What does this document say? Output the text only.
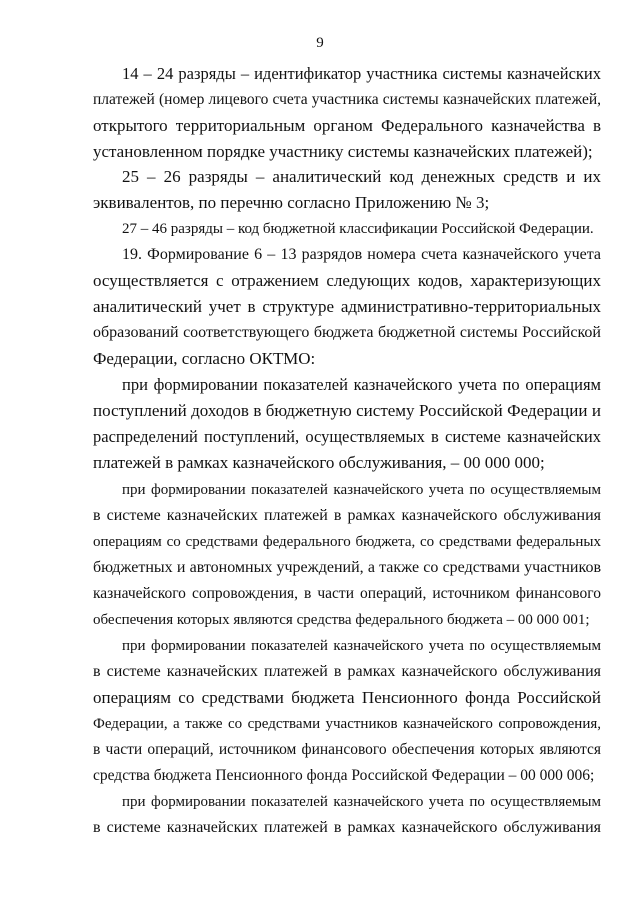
9
14 – 24 разряды – идентификатор участника системы казначейских
платежей (номер лицевого счета участника системы казначейских платежей,
открытого территориальным органом Федерального казначейства в
установленном порядке участнику системы казначейских платежей);
25 – 26 разряды – аналитический код денежных средств и их
эквивалентов, по перечню согласно Приложению № 3;
27 – 46 разряды – код бюджетной классификации Российской Федерации.
19. Формирование 6 – 13 разрядов номера счета казначейского учета
осуществляется с отражением следующих кодов, характеризующих
аналитический учет в структуре административно-территориальных
образований соответствующего бюджета бюджетной системы Российской
Федерации, согласно ОКТМО:
при формировании показателей казначейского учета по операциям
поступлений доходов в бюджетную систему Российской Федерации и
распределений поступлений, осуществляемых в системе казначейских
платежей в рамках казначейского обслуживания, – 00 000 000;
при формировании показателей казначейского учета по осуществляемым
в системе казначейских платежей в рамках казначейского обслуживания
операциям со средствами федерального бюджета, со средствами федеральных
бюджетных и автономных учреждений, а также со средствами участников
казначейского сопровождения, в части операций, источником финансового
обеспечения которых являются средства федерального бюджета – 00 000 001;
при формировании показателей казначейского учета по осуществляемым
в системе казначейских платежей в рамках казначейского обслуживания
операциям со средствами бюджета Пенсионного фонда Российской
Федерации, а также со средствами участников казначейского сопровождения,
в части операций, источником финансового обеспечения которых являются
средства бюджета Пенсионного фонда Российской Федерации – 00 000 006;
при формировании показателей казначейского учета по осуществляемым
в системе казначейских платежей в рамках казначейского обслуживания
